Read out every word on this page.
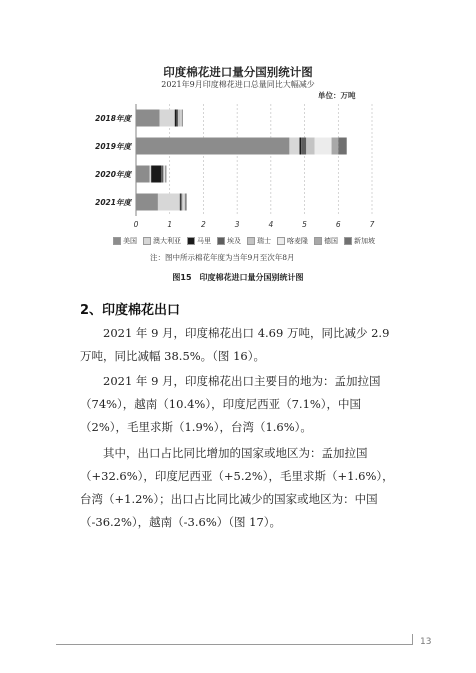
印度棉花进口量分国别统计图
2021年9月印度棉花进口总量同比大幅减少
单位：万吨
0	1	2	3	4	5	6	7
2018年度
2019年度
2020年度
2021年度
美国 澳大利亚 马里 埃及 瑞士 喀麦隆 德国 新加坡
注：图中所示棉花年度为当年9月至次年8月
图15　印度棉花进口量分国别统计图
2、印度棉花出口
2021 年 9 月，印度棉花出口 4.69 万吨，同比减少 2.9 万吨，同比减幅 38.5%。（图 16）。
2021 年 9 月，印度棉花出口主要目的地为：孟加拉国（74%），越南（10.4%），印度尼西亚（7.1%），中国（2%），毛里求斯（1.9%），台湾（1.6%）。
其中，出口占比同比增加的国家或地区为：孟加拉国（+32.6%），印度尼西亚（+5.2%），毛里求斯（+1.6%），台湾（+1.2%）；出口占比同比减少的国家或地区为：中国（-36.2%），越南（-3.6%）（图 17）。
13
